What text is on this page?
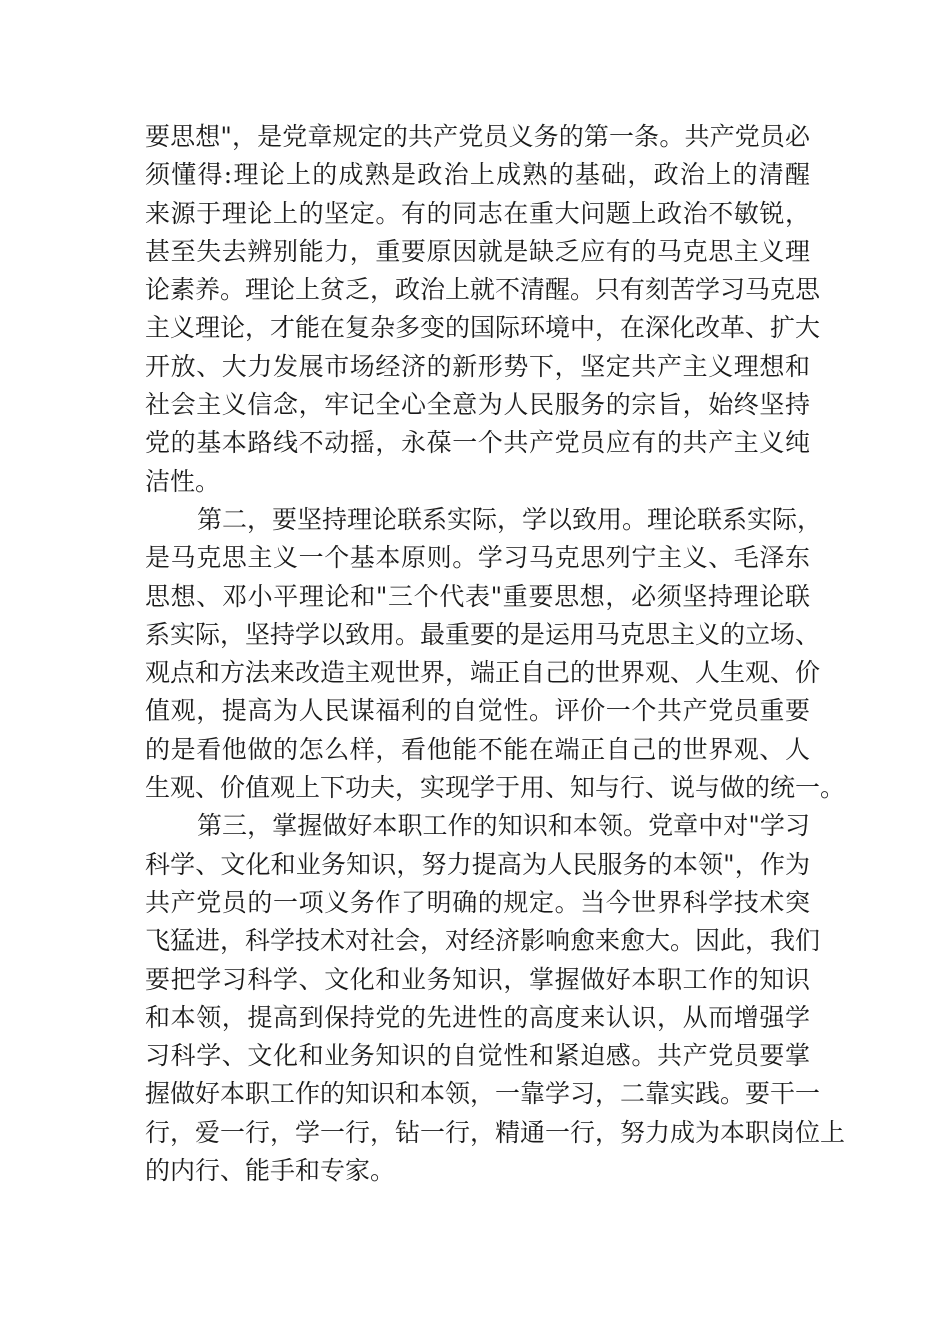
要思想"，是党章规定的共产党员义务的第一条。共产党员必
须懂得:理论上的成熟是政治上成熟的基础，政治上的清醒
来源于理论上的坚定。有的同志在重大问题上政治不敏锐，
甚至失去辨别能力，重要原因就是缺乏应有的马克思主义理
论素养。理论上贫乏，政治上就不清醒。只有刻苦学习马克思
主义理论，才能在复杂多变的国际环境中，在深化改革、扩大
开放、大力发展市场经济的新形势下，坚定共产主义理想和
社会主义信念，牢记全心全意为人民服务的宗旨，始终坚持
党的基本路线不动摇，永葆一个共产党员应有的共产主义纯
洁性。
第二，要坚持理论联系实际，学以致用。理论联系实际，
是马克思主义一个基本原则。学习马克思列宁主义、毛泽东
思想、邓小平理论和"三个代表"重要思想，必须坚持理论联
系实际，坚持学以致用。最重要的是运用马克思主义的立场、
观点和方法来改造主观世界，端正自己的世界观、人生观、价
值观，提高为人民谋福利的自觉性。评价一个共产党员重要
的是看他做的怎么样，看他能不能在端正自己的世界观、人
生观、价值观上下功夫，实现学于用、知与行、说与做的统一。
第三，掌握做好本职工作的知识和本领。党章中对"学习
科学、文化和业务知识，努力提高为人民服务的本领"，作为
共产党员的一项义务作了明确的规定。当今世界科学技术突
飞猛进，科学技术对社会，对经济影响愈来愈大。因此，我们
要把学习科学、文化和业务知识，掌握做好本职工作的知识
和本领，提高到保持党的先进性的高度来认识，从而增强学
习科学、文化和业务知识的自觉性和紧迫感。共产党员要掌
握做好本职工作的知识和本领，一靠学习，二靠实践。要干一
行，爱一行，学一行，钻一行，精通一行，努力成为本职岗位上
的内行、能手和专家。
